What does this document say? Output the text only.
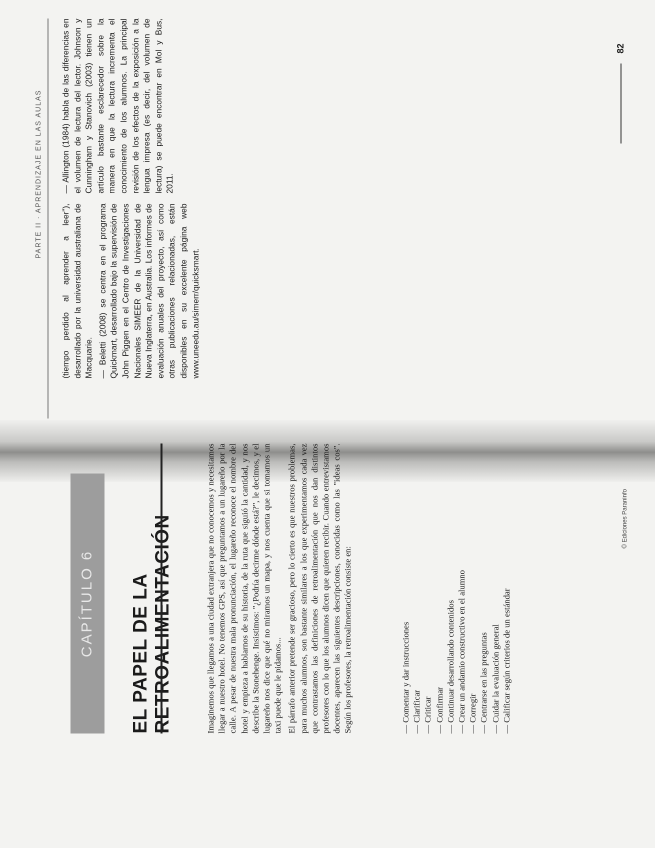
CAPÍTULO 6	EL PAPEL DE LA RETROALIMENTACIÓN	Imaginemos que llegamos a una ciudad extranjera que no conocemos y necesitamos llegar a nuestro hotel. No tenemos GPS, así que preguntamos a un lugareño por la calle. A pesar de nuestra mala pronunciación, el lugareño reconoce el nombre del hotel y empieza a hablarnos de su historia, de la ruta que siguió la cantidad, y nos describe la Stonehenge. Insistimos: "¿Podría decirme dónde está?", le decimos, y el lugareño nos dice que qué no miramos un mapa, y nos cuenta que si tomamos un taxi puede que le pidamos... El párrafo anterior pretende ser gracioso, pero lo cierto es que nuestros problemas, para muchos alumnos, son bastante similares a los que experimentamos cada vez que contrastamos las definiciones de retroalimentación que nos dan distintos profesores con lo que los alumnos dicen que quieren recibir. Cuando entrevistamos docentes, aparecen las siguientes descripciones, conocidas como las "ideas cos". Según los profesores, la retroalimentación consiste en:	— Comentar y dar instrucciones — Clarificar — Criticar — Confirmar — Continuar desarrollando contenidos — Crear un andamio constructivo en el alumno — Corregir — Centrarse en las preguntas — Cuidar la evaluación general — Calificar según criterios de un estándar
© Ediciones Paraninfo
PARTE II · APRENDIZAJE EN LAS AULAS

(tiempo perdido al aprender a leer"), desarrollado por la universidad australiana de Macquarie. — Beletti (2008) se centra en el programa Quickmart, desarrollado bajo la supervisión de John Piggen en el Centro de Investigaciones Nacionales SIMEER de la Universidad de Nueva Inglaterra, en Australia. Los informes de evaluación anuales del proyecto, así como otras publicaciones relacionadas, están disponibles en su excelente página web www.uneedu.au/simerr/quicksmart.

— Allington (1984) habla de las diferencias en el volumen de lectura del lector. Johnson y Cunningham y Stanovich (2003) tienen un artículo bastante esclarecedor sobre la manera en que la lectura incrementa el conocimiento de los alumnos. La principal revisión de los efectos de la exposición a la lengua impresa (es decir, del volumen de lectura) se puede encontrar en Mol y Bus, 2011.

82
